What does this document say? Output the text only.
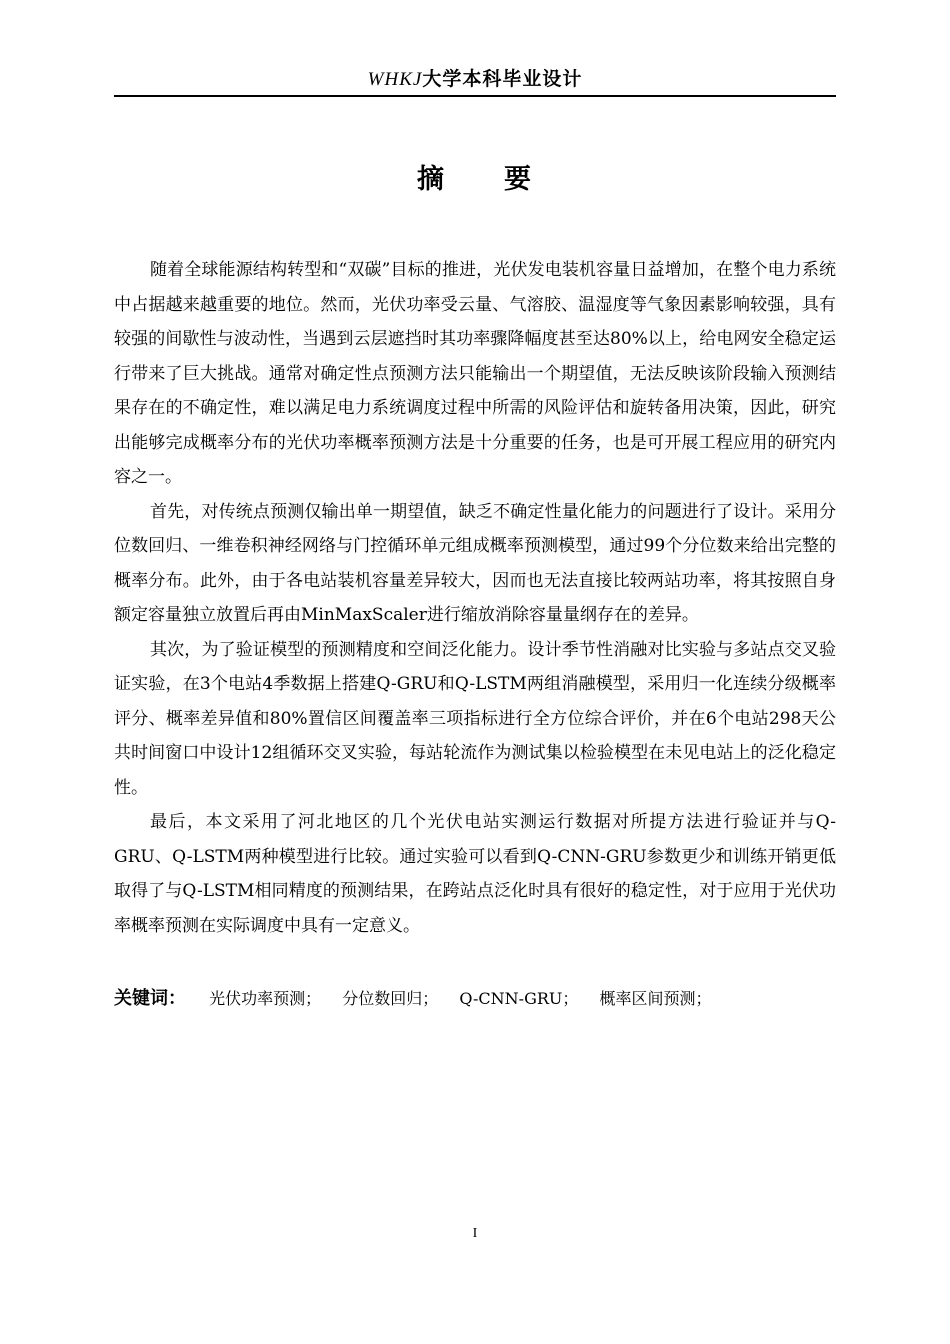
WHKJ大学本科毕业设计
摘　　要

随着全球能源结构转型和“双碳”目标的推进，光伏发电装机容量日益增加，在整个电力系统中占据越来越重要的地位。然而，光伏功率受云量、气溶胶、温湿度等气象因素影响较强，具有较强的间歇性与波动性，当遇到云层遮挡时其功率骤降幅度甚至达80%以上，给电网安全稳定运行带来了巨大挑战。通常对确定性点预测方法只能输出一个期望值，无法反映该阶段输入预测结果存在的不确定性，难以满足电力系统调度过程中所需的风险评估和旋转备用决策，因此，研究出能够完成概率分布的光伏功率概率预测方法是十分重要的任务，也是可开展工程应用的研究内容之一。

首先，对传统点预测仅输出单一期望值，缺乏不确定性量化能力的问题进行了设计。采用分位数回归、一维卷积神经网络与门控循环单元组成概率预测模型，通过99个分位数来给出完整的概率分布。此外，由于各电站装机容量差异较大，因而也无法直接比较两站功率，将其按照自身额定容量独立放置后再由MinMaxScaler进行缩放消除容量量纲存在的差异。

其次，为了验证模型的预测精度和空间泛化能力。设计季节性消融对比实验与多站点交叉验证实验，在3个电站4季数据上搭建Q-GRU和Q-LSTM两组消融模型，采用归一化连续分级概率评分、概率差异值和80%置信区间覆盖率三项指标进行全方位综合评价，并在6个电站298天公共时间窗口中设计12组循环交叉实验，每站轮流作为测试集以检验模型在未见电站上的泛化稳定性。

最后，本文采用了河北地区的几个光伏电站实测运行数据对所提方法进行验证并与Q-GRU、Q-LSTM两种模型进行比较。通过实验可以看到Q-CNN-GRU参数更少和训练开销更低取得了与Q-LSTM相同精度的预测结果，在跨站点泛化时具有很好的稳定性，对于应用于光伏功率概率预测在实际调度中具有一定意义。

关键词： 光伏功率预测； 分位数回归； Q-CNN-GRU； 概率区间预测；
I
